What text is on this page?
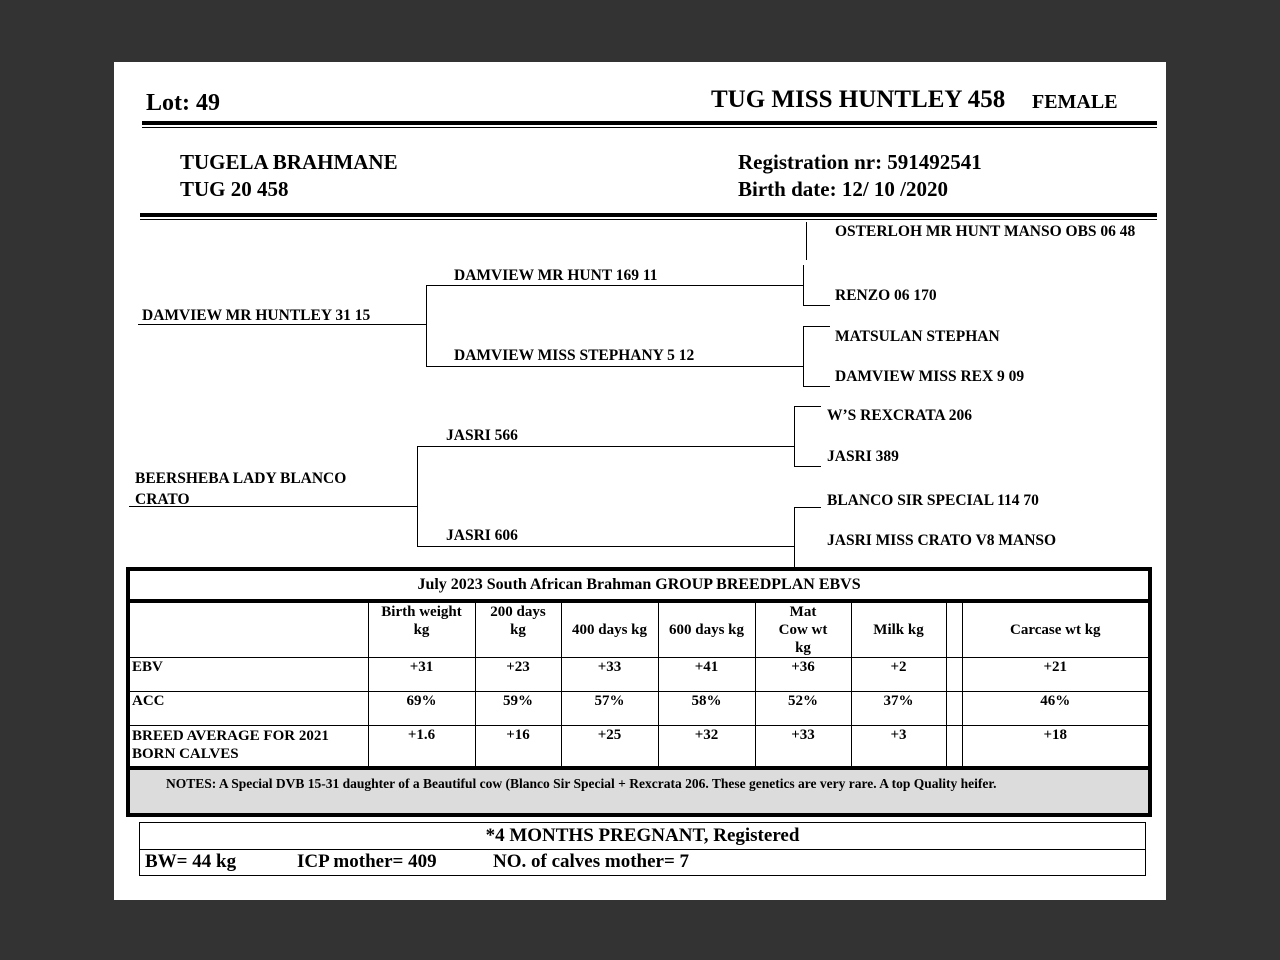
Lot: 49	TUG MISS HUNTLEY 458 FEMALE
TUGELA BRAHMANE
TUG 20 458
Registration nr: 591492541
Birth date: 12/ 10 /2020
DAMVIEW MR HUNTLEY 31 15
DAMVIEW MR HUNT 169 11
DAMVIEW MISS STEPHANY 5 12
OSTERLOH MR HUNT MANSO OBS 06 48
RENZO 06 170
MATSULAN STEPHAN
DAMVIEW MISS REX 9 09
BEERSHEBA LADY BLANCO CRATO
JASRI 566
JASRI 606
W’S REXCRATA 206
JASRI 389
BLANCO SIR SPECIAL 114 70
JASRI MISS CRATO V8 MANSO
July 2023 South African Brahman GROUP BREEDPLAN EBVS								
	Birth weight kg	200 days kg	400 days kg	600 days kg	Mat Cow wt kg	Milk kg		Carcase wt kg
EBV	+31	+23	+33	+41	+36	+2		+21
ACC	69%	59%	57%	58%	52%	37%		46%
BREED AVERAGE FOR 2021 BORN CALVES	+1.6	+16	+25	+32	+33	+3		+18
NOTES: A Special DVB 15-31 daughter of a Beautiful cow (Blanco Sir Special + Rexcrata 206. These genetics are very rare. A top Quality heifer.								
*4 MONTHS PREGNANT, Registered
BW= 44 kg	ICP mother= 409	NO. of calves mother= 7
